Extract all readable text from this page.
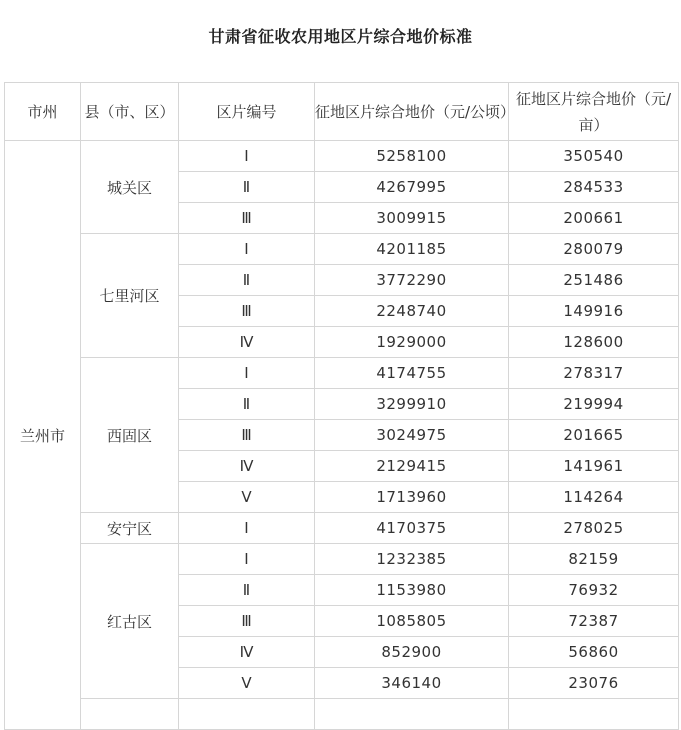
甘肃省征收农用地区片综合地价标准
市州	县（市、区）	区片编号	征地区片综合地价（元/公顷）	征地区片综合地价（元/亩）
兰州市	城关区	Ⅰ	5258100	350540
		Ⅱ	4267995	284533
		Ⅲ	3009915	200661
	七里河区	Ⅰ	4201185	280079
		Ⅱ	3772290	251486
		Ⅲ	2248740	149916
		Ⅳ	1929000	128600
	西固区	Ⅰ	4174755	278317
		Ⅱ	3299910	219994
		Ⅲ	3024975	201665
		Ⅳ	2129415	141961
		Ⅴ	1713960	114264
	安宁区	Ⅰ	4170375	278025
	红古区	Ⅰ	1232385	82159
		Ⅱ	1153980	76932
		Ⅲ	1085805	72387
		Ⅳ	852900	56860
		Ⅴ	346140	23076
